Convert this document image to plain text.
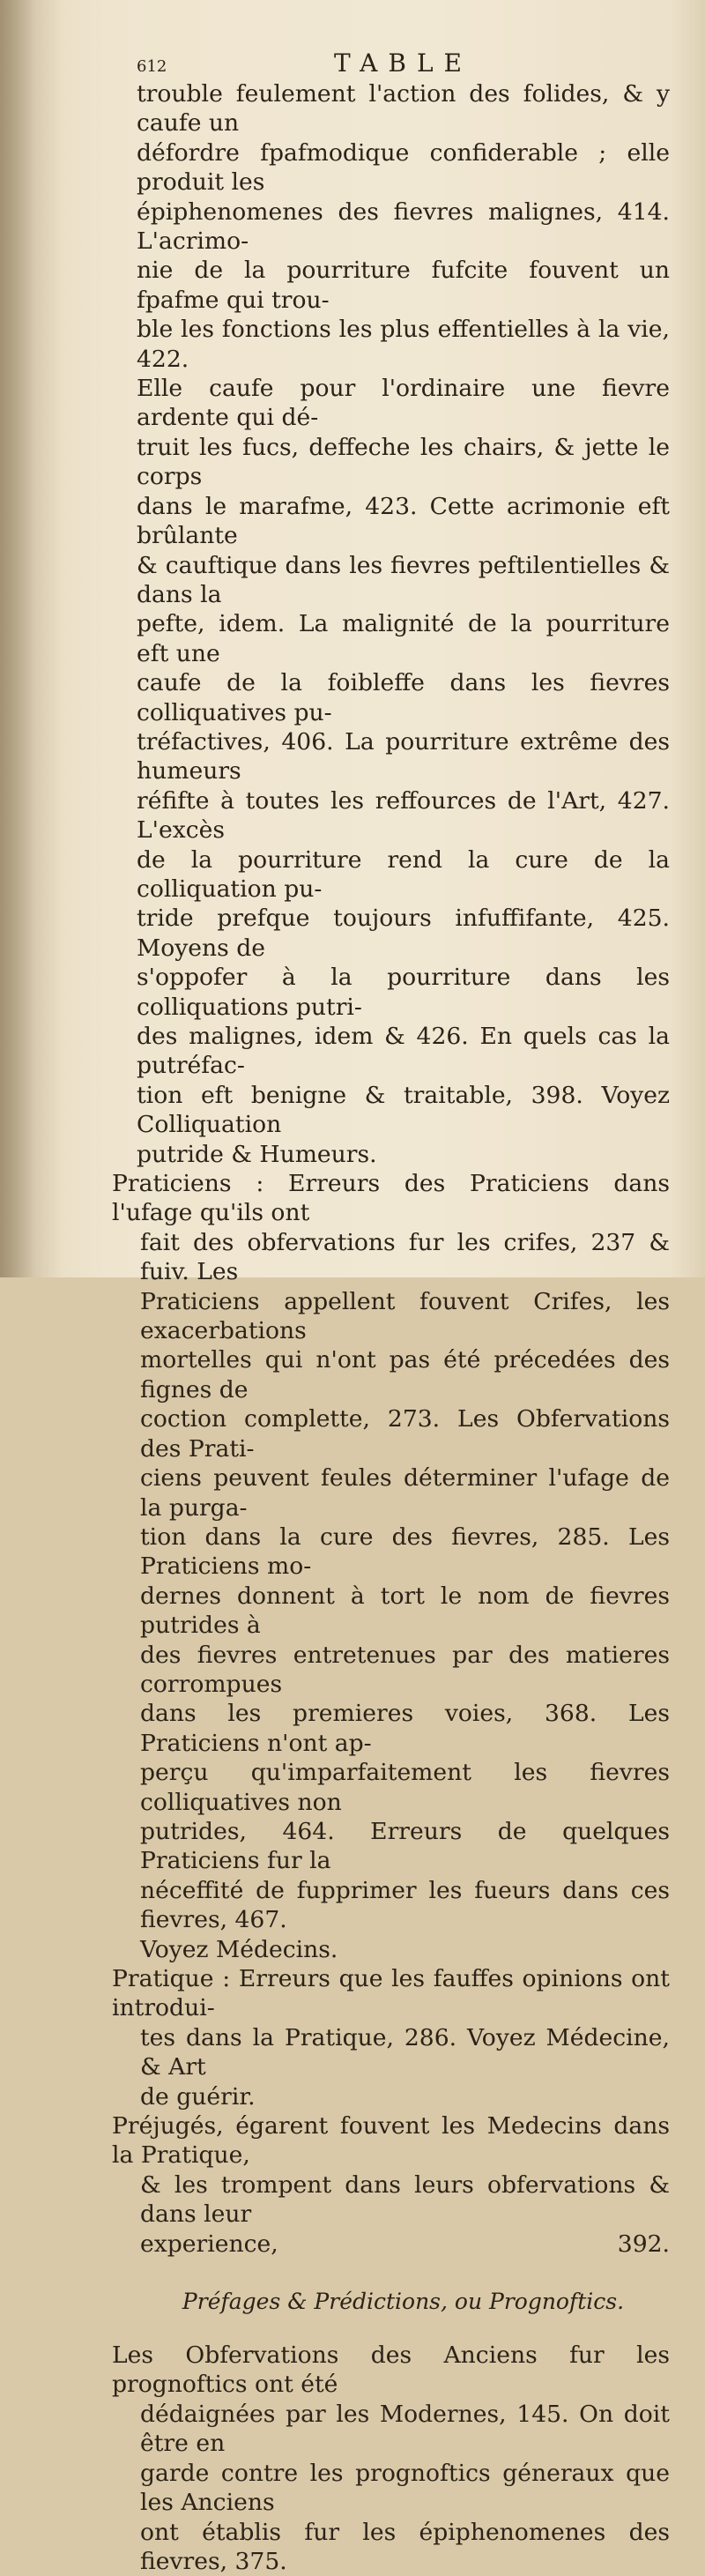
612	TABLE
trouble feulement l'action des folides, & y caufe un
défordre fpafmodique confiderable ; elle produit les
épiphenomenes des fievres malignes, 414. L'acrimo-
nie de la pourriture fufcite fouvent un fpafme qui trou-
ble les fonctions les plus effentielles à la vie, 422.
Elle caufe pour l'ordinaire une fievre ardente qui dé-
truit les fucs, deffeche les chairs, & jette le corps
dans le marafme, 423. Cette acrimonie eft brûlante
& cauftique dans les fievres peftilentielles & dans la
pefte, idem. La malignité de la pourriture eft une
caufe de la foibleffe dans les fievres colliquatives pu-
tréfactives, 406. La pourriture extrême des humeurs
réfifte à toutes les reffources de l'Art, 427. L'excès
de la pourriture rend la cure de la colliquation pu-
tride prefque toujours infuffifante, 425. Moyens de
s'oppofer à la pourriture dans les colliquations putri-
des malignes, idem & 426. En quels cas la putréfac-
tion eft benigne & traitable, 398. Voyez Colliquation
putride & Humeurs.
Praticiens : Erreurs des Praticiens dans l'ufage qu'ils ont
fait des obfervations fur les crifes, 237 & fuiv. Les
Praticiens appellent fouvent Crifes, les exacerbations
mortelles qui n'ont pas été précedées des fignes de
coction complette, 273. Les Obfervations des Prati-
ciens peuvent feules déterminer l'ufage de la purga-
tion dans la cure des fievres, 285. Les Praticiens mo-
dernes donnent à tort le nom de fievres putrides à
des fievres entretenues par des matieres corrompues
dans les premieres voies, 368. Les Praticiens n'ont ap-
perçu qu'imparfaitement les fievres colliquatives non
putrides, 464. Erreurs de quelques Praticiens fur la
néceffité de fupprimer les fueurs dans ces fievres, 467.
Voyez Médecins.
Pratique : Erreurs que les fauffes opinions ont introdui-
tes dans la Pratique, 286. Voyez Médecine, & Art
de guérir.
Préjugés, égarent fouvent les Medecins dans la Pratique,
& les trompent dans leurs obfervations & dans leur
experience,	392.
Préfages & Prédictions, ou Prognoftics.
Les Obfervations des Anciens fur les prognoftics ont été
dédaignées par les Modernes, 145. On doit être en
garde contre les prognoftics géneraux que les Anciens
ont établis fur les épiphenomenes des fievres, 375.
